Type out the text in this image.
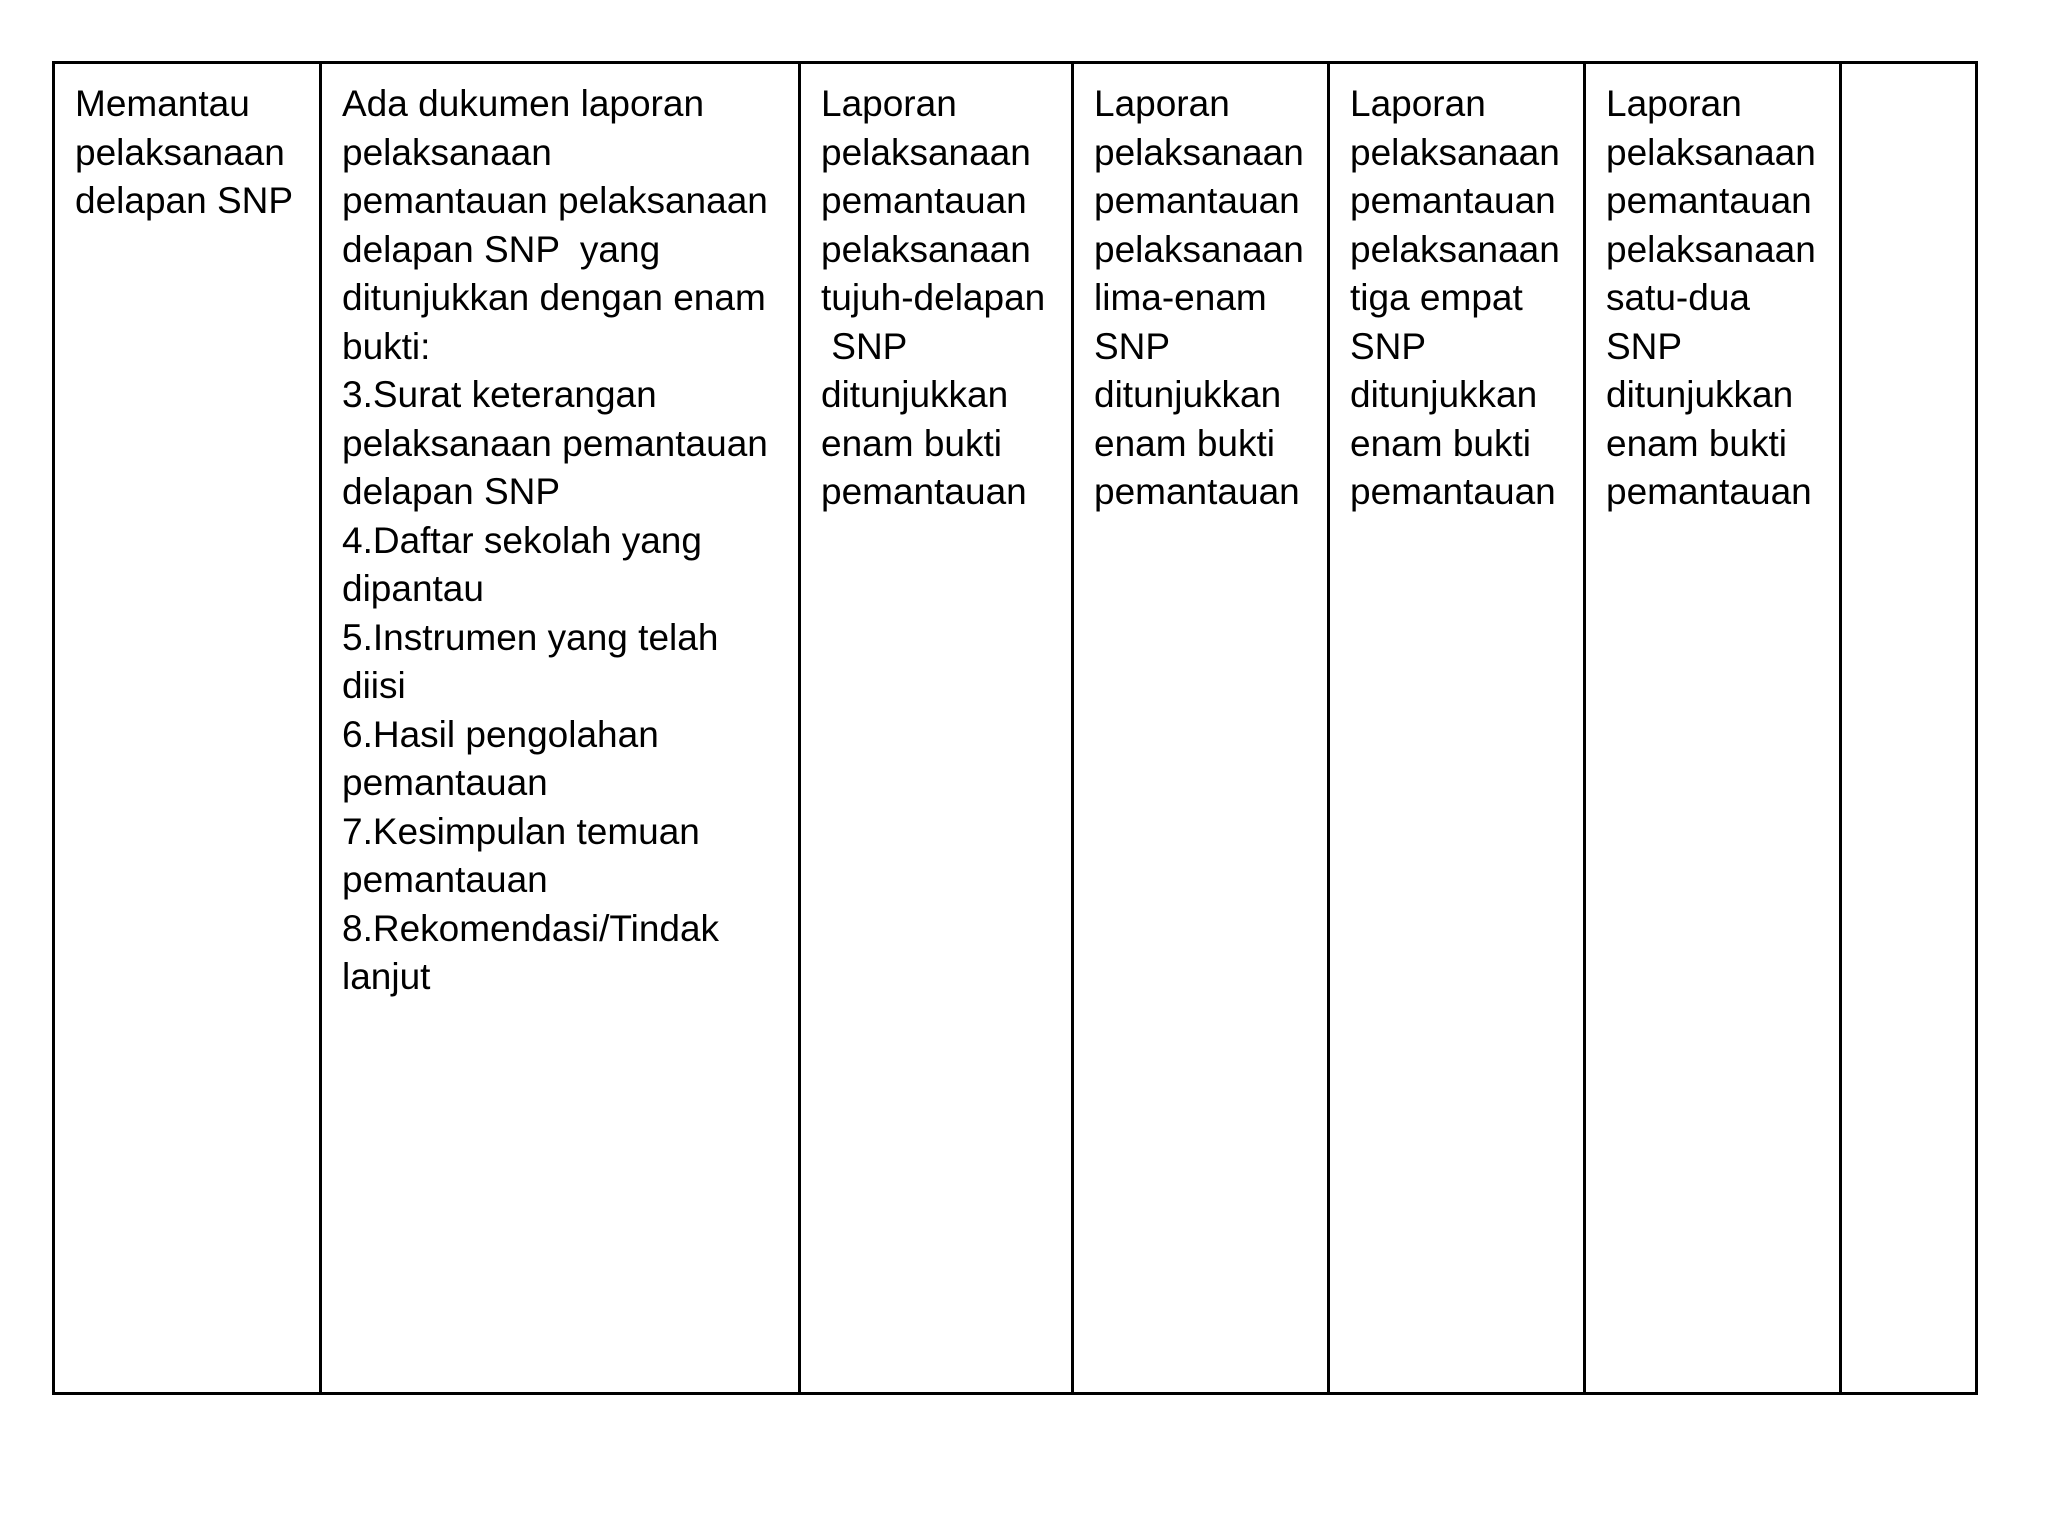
Memantau
pelaksanaan
delapan SNP
Ada dukumen laporan
pelaksanaan
pemantauan pelaksanaan
delapan SNP  yang
ditunjukkan dengan enam
bukti:
3.Surat keterangan
pelaksanaan pemantauan
delapan SNP
4.Daftar sekolah yang
dipantau
5.Instrumen yang telah
diisi
6.Hasil pengolahan
pemantauan
7.Kesimpulan temuan
pemantauan
8.Rekomendasi/Tindak
lanjut
Laporan
pelaksanaan
pemantauan
pelaksanaan
tujuh-delapan
SNP
ditunjukkan
enam bukti
pemantauan
Laporan
pelaksanaan
pemantauan
pelaksanaan
lima-enam
SNP
ditunjukkan
enam bukti
pemantauan
Laporan
pelaksanaan
pemantauan
pelaksanaan
tiga empat
SNP
ditunjukkan
enam bukti
pemantauan
Laporan
pelaksanaan
pemantauan
pelaksanaan
satu-dua
SNP
ditunjukkan
enam bukti
pemantauan
